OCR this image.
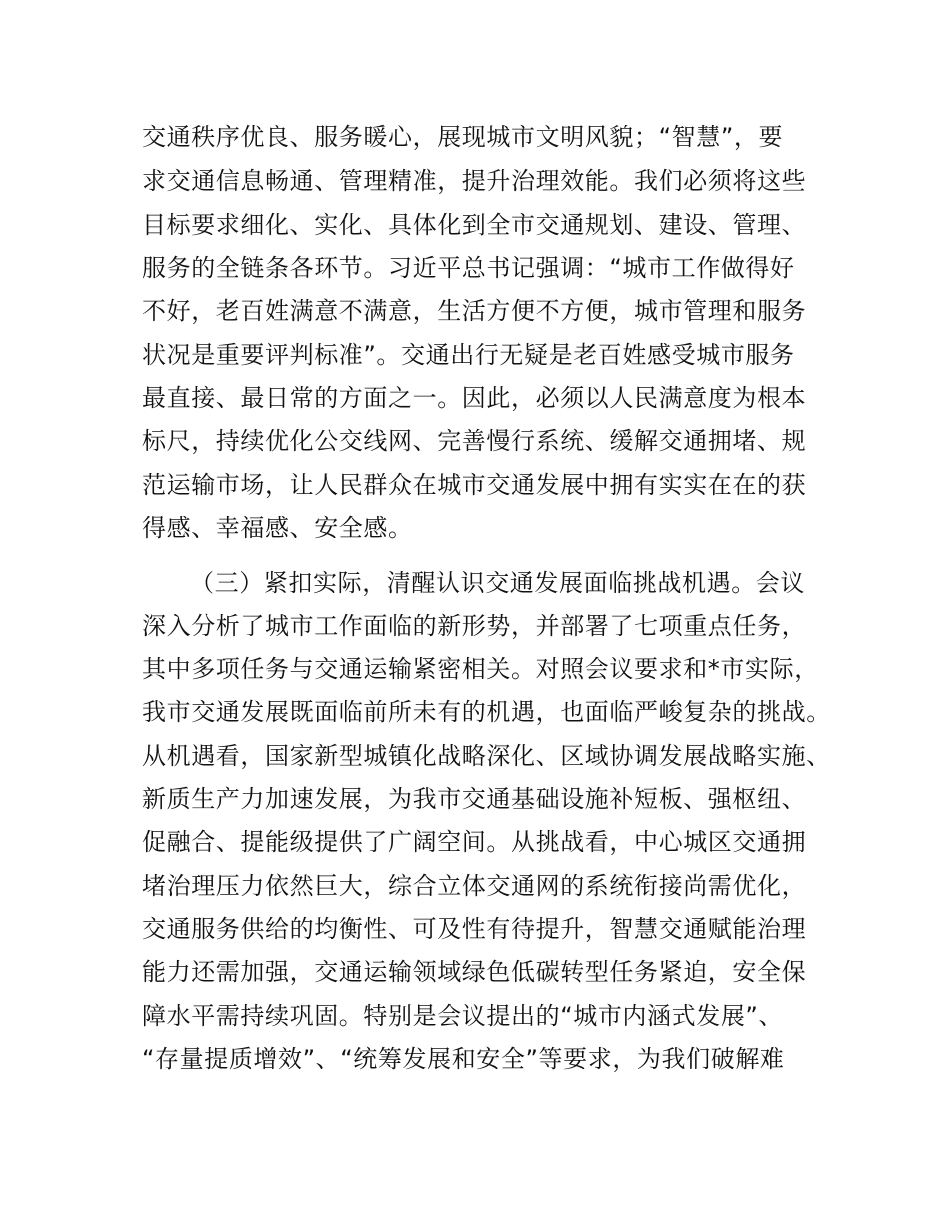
交通秩序优良、服务暖心，展现城市文明风貌；“智慧”，要
求交通信息畅通、管理精准，提升治理效能。我们必须将这些
目标要求细化、实化、具体化到全市交通规划、建设、管理、
服务的全链条各环节。习近平总书记强调：“城市工作做得好
不好，老百姓满意不满意，生活方便不方便，城市管理和服务
状况是重要评判标准”。交通出行无疑是老百姓感受城市服务
最直接、最日常的方面之一。因此，必须以人民满意度为根本
标尺，持续优化公交线网、完善慢行系统、缓解交通拥堵、规
范运输市场，让人民群众在城市交通发展中拥有实实在在的获
得感、幸福感、安全感。
（三）紧扣实际，清醒认识交通发展面临挑战机遇。会议
深入分析了城市工作面临的新形势，并部署了七项重点任务，
其中多项任务与交通运输紧密相关。对照会议要求和*市实际，
我市交通发展既面临前所未有的机遇，也面临严峻复杂的挑战。
从机遇看，国家新型城镇化战略深化、区域协调发展战略实施、
新质生产力加速发展，为我市交通基础设施补短板、强枢纽、
促融合、提能级提供了广阔空间。从挑战看，中心城区交通拥
堵治理压力依然巨大，综合立体交通网的系统衔接尚需优化，
交通服务供给的均衡性、可及性有待提升，智慧交通赋能治理
能力还需加强，交通运输领域绿色低碳转型任务紧迫，安全保
障水平需持续巩固。特别是会议提出的“城市内涵式发展”、
“存量提质增效”、“统筹发展和安全”等要求，为我们破解难
